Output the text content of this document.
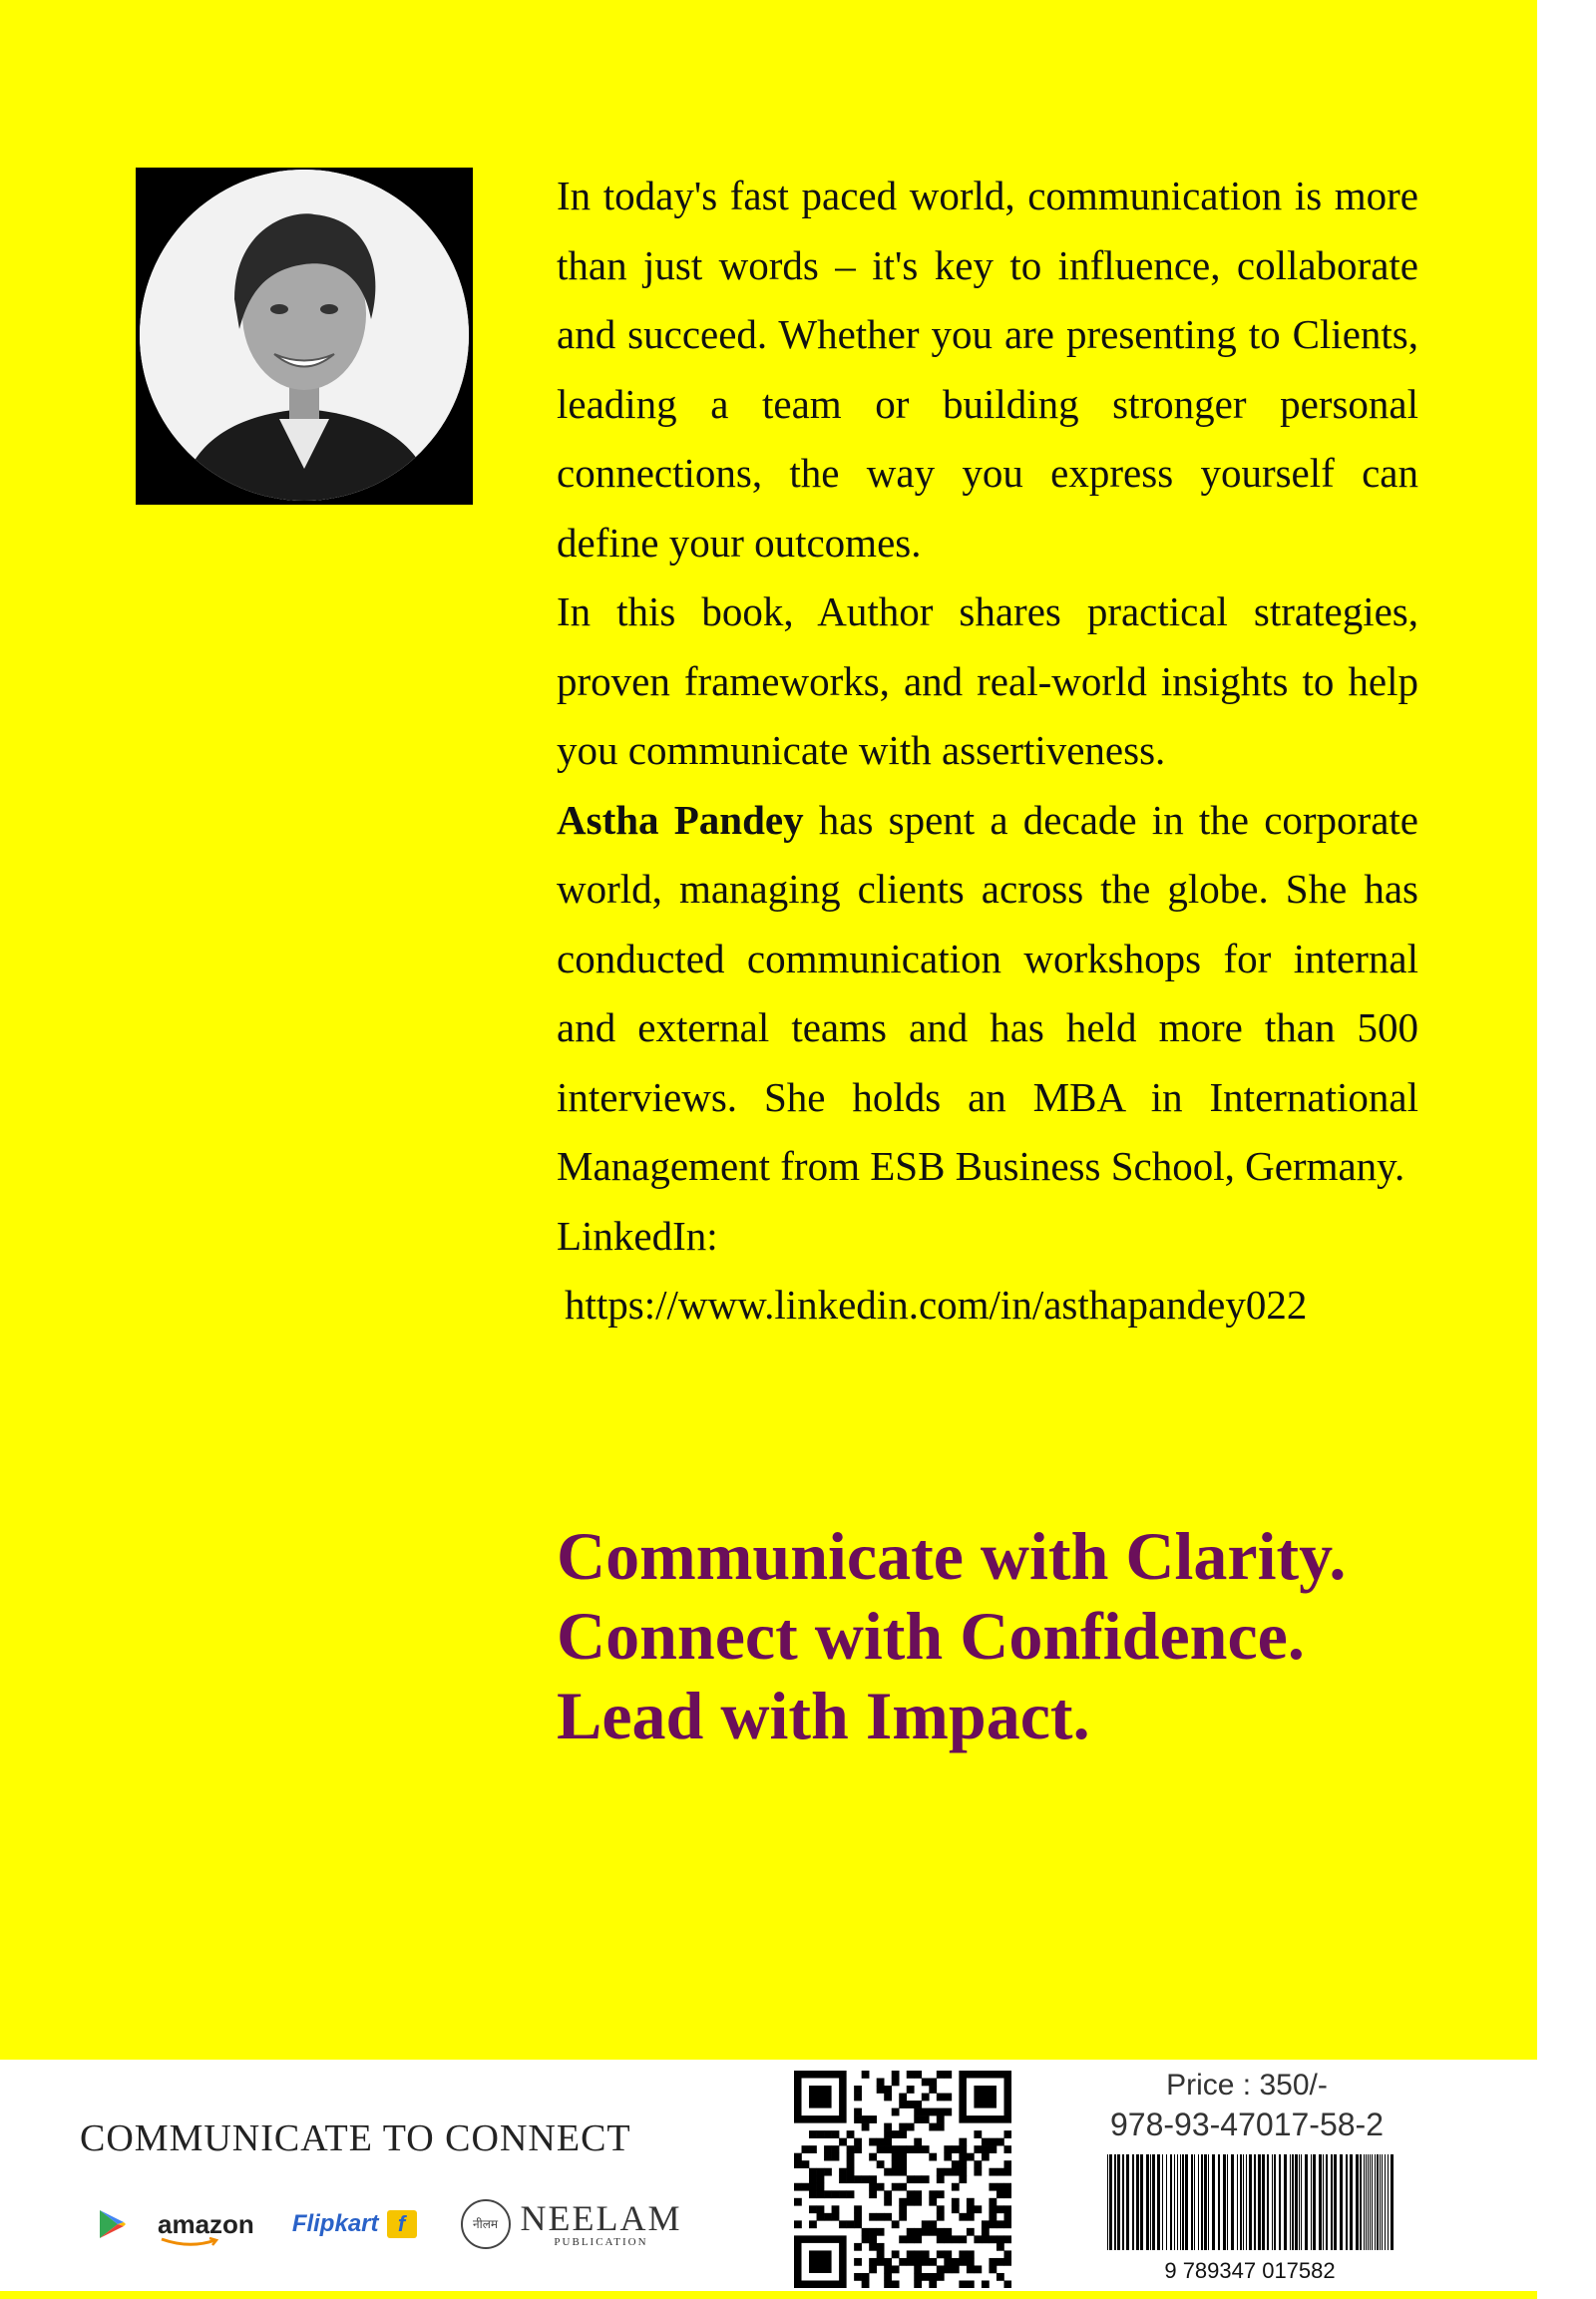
In today's fast paced world, communication is more than just words – it's key to influence, collaborate and succeed. Whether you are presenting to Clients, leading a team or building stronger personal connections, the way you express yourself can define your outcomes.

In this book, Author shares practical strategies, proven frameworks, and real-world insights to help you communicate with assertiveness.

Astha Pandey has spent a decade in the corporate world, managing clients across the globe. She has conducted communication workshops for internal and external teams and has held more than 500 interviews. She holds an MBA in International Management from ESB Business School, Germany.

LinkedIn:

https://www.linkedin.com/in/asthapandey022

Communicate with Clarity.
Connect with Confidence.
Lead with Impact.
COMMUNICATE TO CONNECT
amazon Flipkart f	नीलम NEELAM
PUBLICATION
Price : 350/-
978-93-47017-58-2
9 789347 017582
